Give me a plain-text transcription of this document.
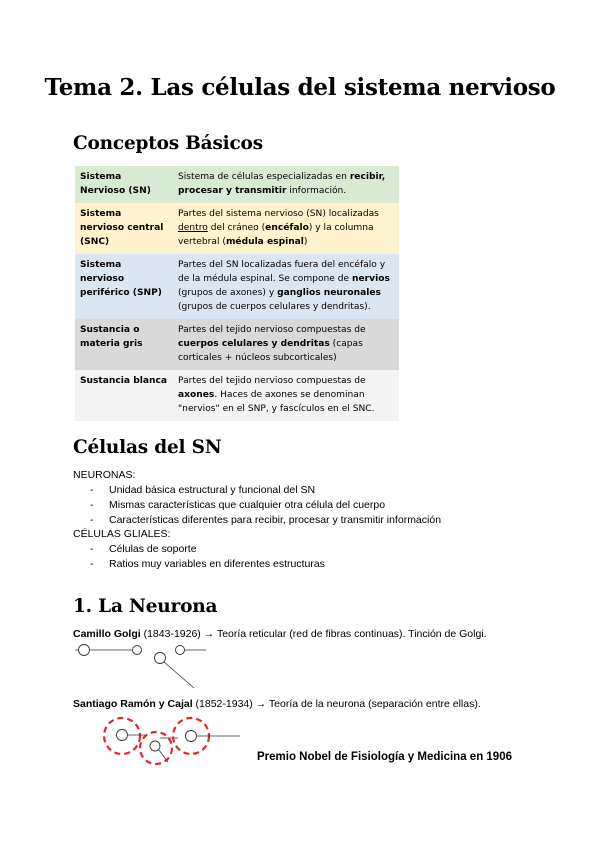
Tema 2. Las células del sistema nervioso
Conceptos Básicos
Sistema Nervioso (SN)	Sistema de células especializadas en recibir, procesar y transmitir información.
Sistema nervioso central (SNC)	Partes del sistema nervioso (SN) localizadas dentro del cráneo (encéfalo) y la columna vertebral (médula espinal)
Sistema nervioso periférico (SNP)	Partes del SN localizadas fuera del encéfalo y de la médula espinal. Se compone de nervios (grupos de axones) y ganglios neuronales (grupos de cuerpos celulares y dendritas).
Sustancia o materia gris	Partes del tejido nervioso compuestas de cuerpos celulares y dendritas (capas corticales + núcleos subcorticales)
Sustancia blanca	Partes del tejido nervioso compuestas de axones. Haces de axones se denominan "nervios" en el SNP, y fascículos en el SNC.
Células del SN
NEURONAS:
- Unidad básica estructural y funcional del SN
- Mismas características que cualquier otra célula del cuerpo
- Características diferentes para recibir, procesar y transmitir información
CÉLULAS GLIALES:
- Células de soporte
- Ratios muy variables en diferentes estructuras
1. La Neurona
Camillo Golgi (1843-1926) → Teoría reticular (red de fibras continuas). Tinción de Golgi.
Santiago Ramón y Cajal (1852-1934) → Teoría de la neurona (separación entre ellas).
Premio Nobel de Fisiología y Medicina en 1906
